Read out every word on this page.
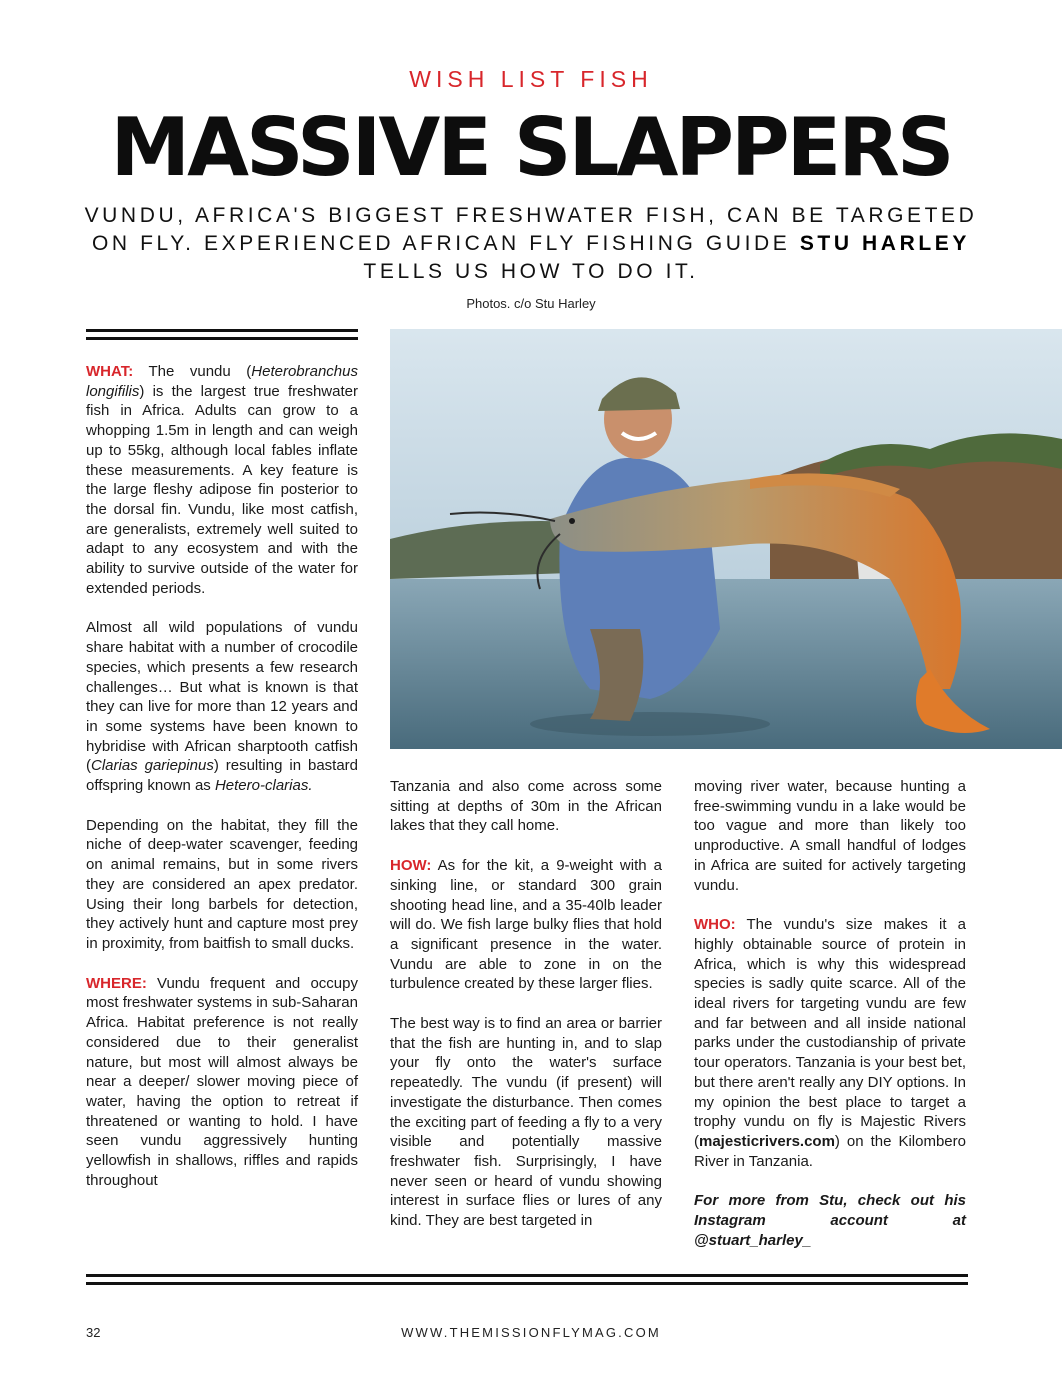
WISH LIST FISH
MASSIVE SLAPPERS
VUNDU, AFRICA'S BIGGEST FRESHWATER FISH, CAN BE TARGETED ON FLY. EXPERIENCED AFRICAN FLY FISHING GUIDE STU HARLEY TELLS US HOW TO DO IT.
Photos. c/o Stu Harley

WHAT: The vundu (Heterobranchus longifilis) is the largest true freshwater fish in Africa. Adults can grow to a whopping 1.5m in length and can weigh up to 55kg, although local fables inflate these measurements. A key feature is the large fleshy adipose fin posterior to the dorsal fin. Vundu, like most catfish, are generalists, extremely well suited to adapt to any ecosystem and with the ability to survive outside of the water for extended periods.

Almost all wild populations of vundu share habitat with a number of crocodile species, which presents a few research challenges… But what is known is that they can live for more than 12 years and in some systems have been known to hybridise with African sharptooth catfish (Clarias gariepinus) resulting in bastard offspring known as Hetero-clarias.

Depending on the habitat, they fill the niche of deep-water scavenger, feeding on animal remains, but in some rivers they are considered an apex predator. Using their long barbels for detection, they actively hunt and capture most prey in proximity, from baitfish to small ducks.

WHERE: Vundu frequent and occupy most freshwater systems in sub-Saharan Africa. Habitat preference is not really considered due to their generalist nature, but most will almost always be near a deeper/ slower moving piece of water, having the option to retreat if threatened or wanting to hold. I have seen vundu aggressively hunting yellowfish in shallows, riffles and rapids throughout

Tanzania and also come across some sitting at depths of 30m in the African lakes that they call home.

HOW: As for the kit, a 9-weight with a sinking line, or standard 300 grain shooting head line, and a 35-40lb leader will do. We fish large bulky flies that hold a significant presence in the water. Vundu are able to zone in on the turbulence created by these larger flies.

The best way is to find an area or barrier that the fish are hunting in, and to slap your fly onto the water's surface repeatedly. The vundu (if present) will investigate the disturbance. Then comes the exciting part of feeding a fly to a very visible and potentially massive freshwater fish. Surprisingly, I have never seen or heard of vundu showing interest in surface flies or lures of any kind. They are best targeted in

moving river water, because hunting a free-swimming vundu in a lake would be too vague and more than likely too unproductive. A small handful of lodges in Africa are suited for actively targeting vundu.

WHO: The vundu's size makes it a highly obtainable source of protein in Africa, which is why this widespread species is sadly quite scarce. All of the ideal rivers for targeting vundu are few and far between and all inside national parks under the custodianship of private tour operators. Tanzania is your best bet, but there aren't really any DIY options. In my opinion the best place to target a trophy vundu on fly is Majestic Rivers (majesticrivers.com) on the Kilombero River in Tanzania.

For more from Stu, check out his Instagram account at @stuart_harley_

32	WWW.THEMISSIONFLYMAG.COM
